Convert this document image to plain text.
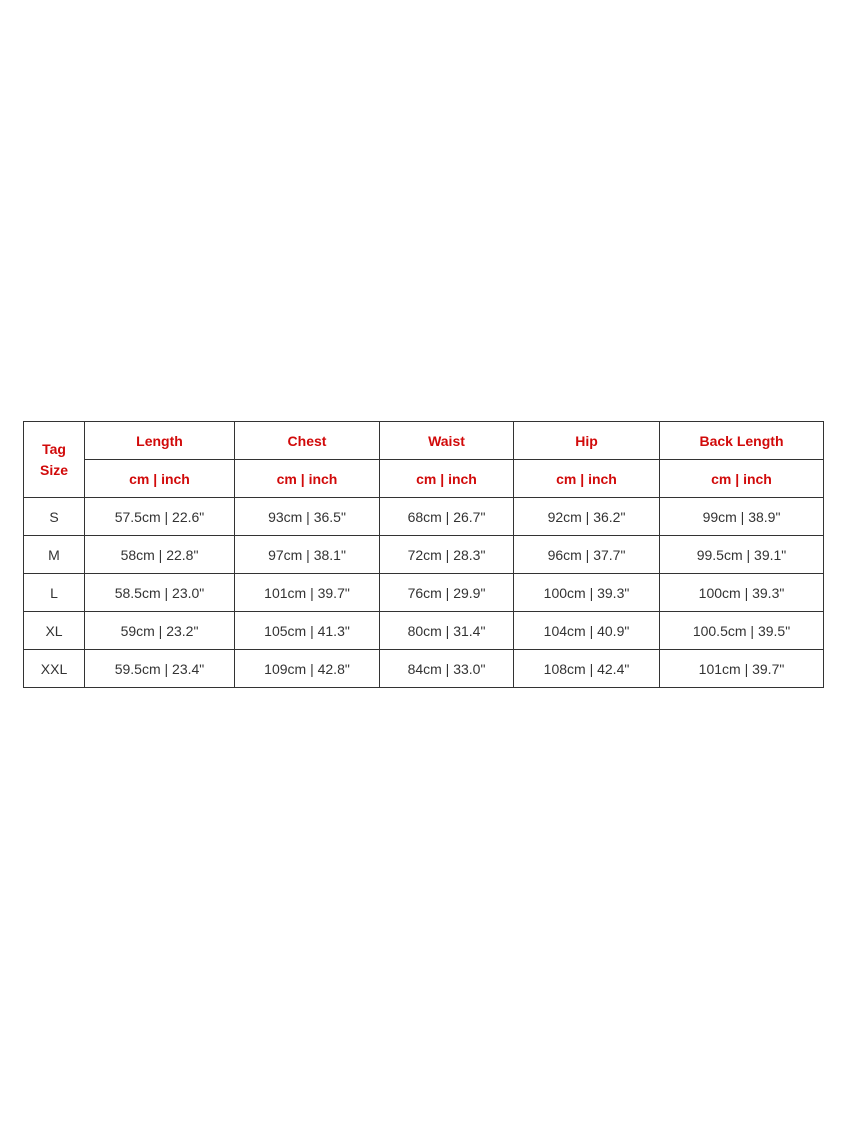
Tag
Size	Length	Chest	Waist	Hip	Back Length
	cm | inch	cm | inch	cm | inch	cm | inch	cm | inch
S	57.5cm | 22.6"	93cm | 36.5"	68cm | 26.7"	92cm | 36.2"	99cm | 38.9"
M	58cm | 22.8"	97cm | 38.1"	72cm | 28.3"	96cm | 37.7"	99.5cm | 39.1"
L	58.5cm | 23.0"	101cm | 39.7"	76cm | 29.9"	100cm | 39.3"	100cm | 39.3"
XL	59cm | 23.2"	105cm | 41.3"	80cm | 31.4"	104cm | 40.9"	100.5cm | 39.5"
XXL	59.5cm | 23.4"	109cm | 42.8"	84cm | 33.0"	108cm | 42.4"	101cm | 39.7"
